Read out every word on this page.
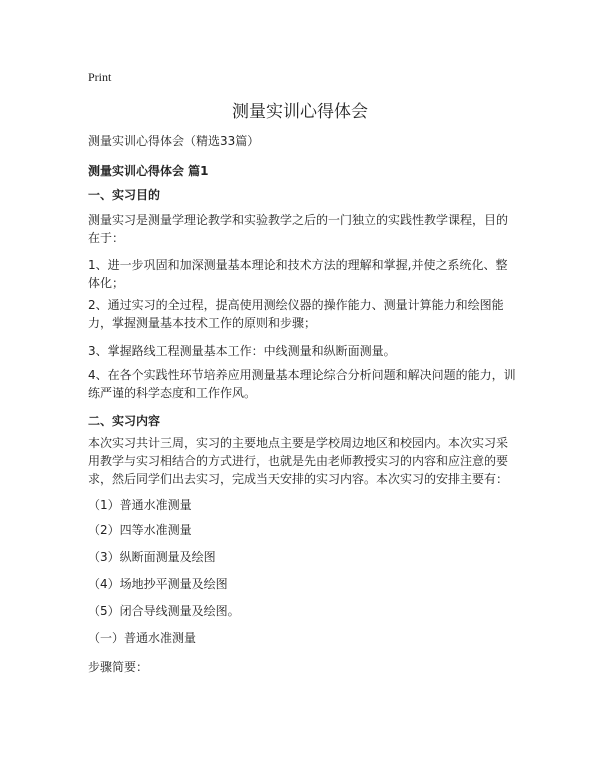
Print
测量实训心得体会
测量实训心得体会（精选33篇）
测量实训心得体会 篇1
一、实习目的

测量实习是测量学理论教学和实验教学之后的一门独立的实践性教学课程，目的在于：

1、进一步巩固和加深测量基本理论和技术方法的理解和掌握,并使之系统化、整体化；

2、通过实习的全过程，提高使用测绘仪器的操作能力、测量计算能力和绘图能力，掌握测量基本技术工作的原则和步骤；

3、掌握路线工程测量基本工作：中线测量和纵断面测量。

4、在各个实践性环节培养应用测量基本理论综合分析问题和解决问题的能力，训练严谨的科学态度和工作作风。

二、实习内容

本次实习共计三周，实习的主要地点主要是学校周边地区和校园内。本次实习采用教学与实习相结合的方式进行，也就是先由老师教授实习的内容和应注意的要求，然后同学们出去实习，完成当天安排的实习内容。本次实习的安排主要有：

（1）普通水准测量
（2）四等水准测量
（3）纵断面测量及绘图
（4）场地抄平测量及绘图
（5）闭合导线测量及绘图。
（一）普通水准测量
步骤简要：
